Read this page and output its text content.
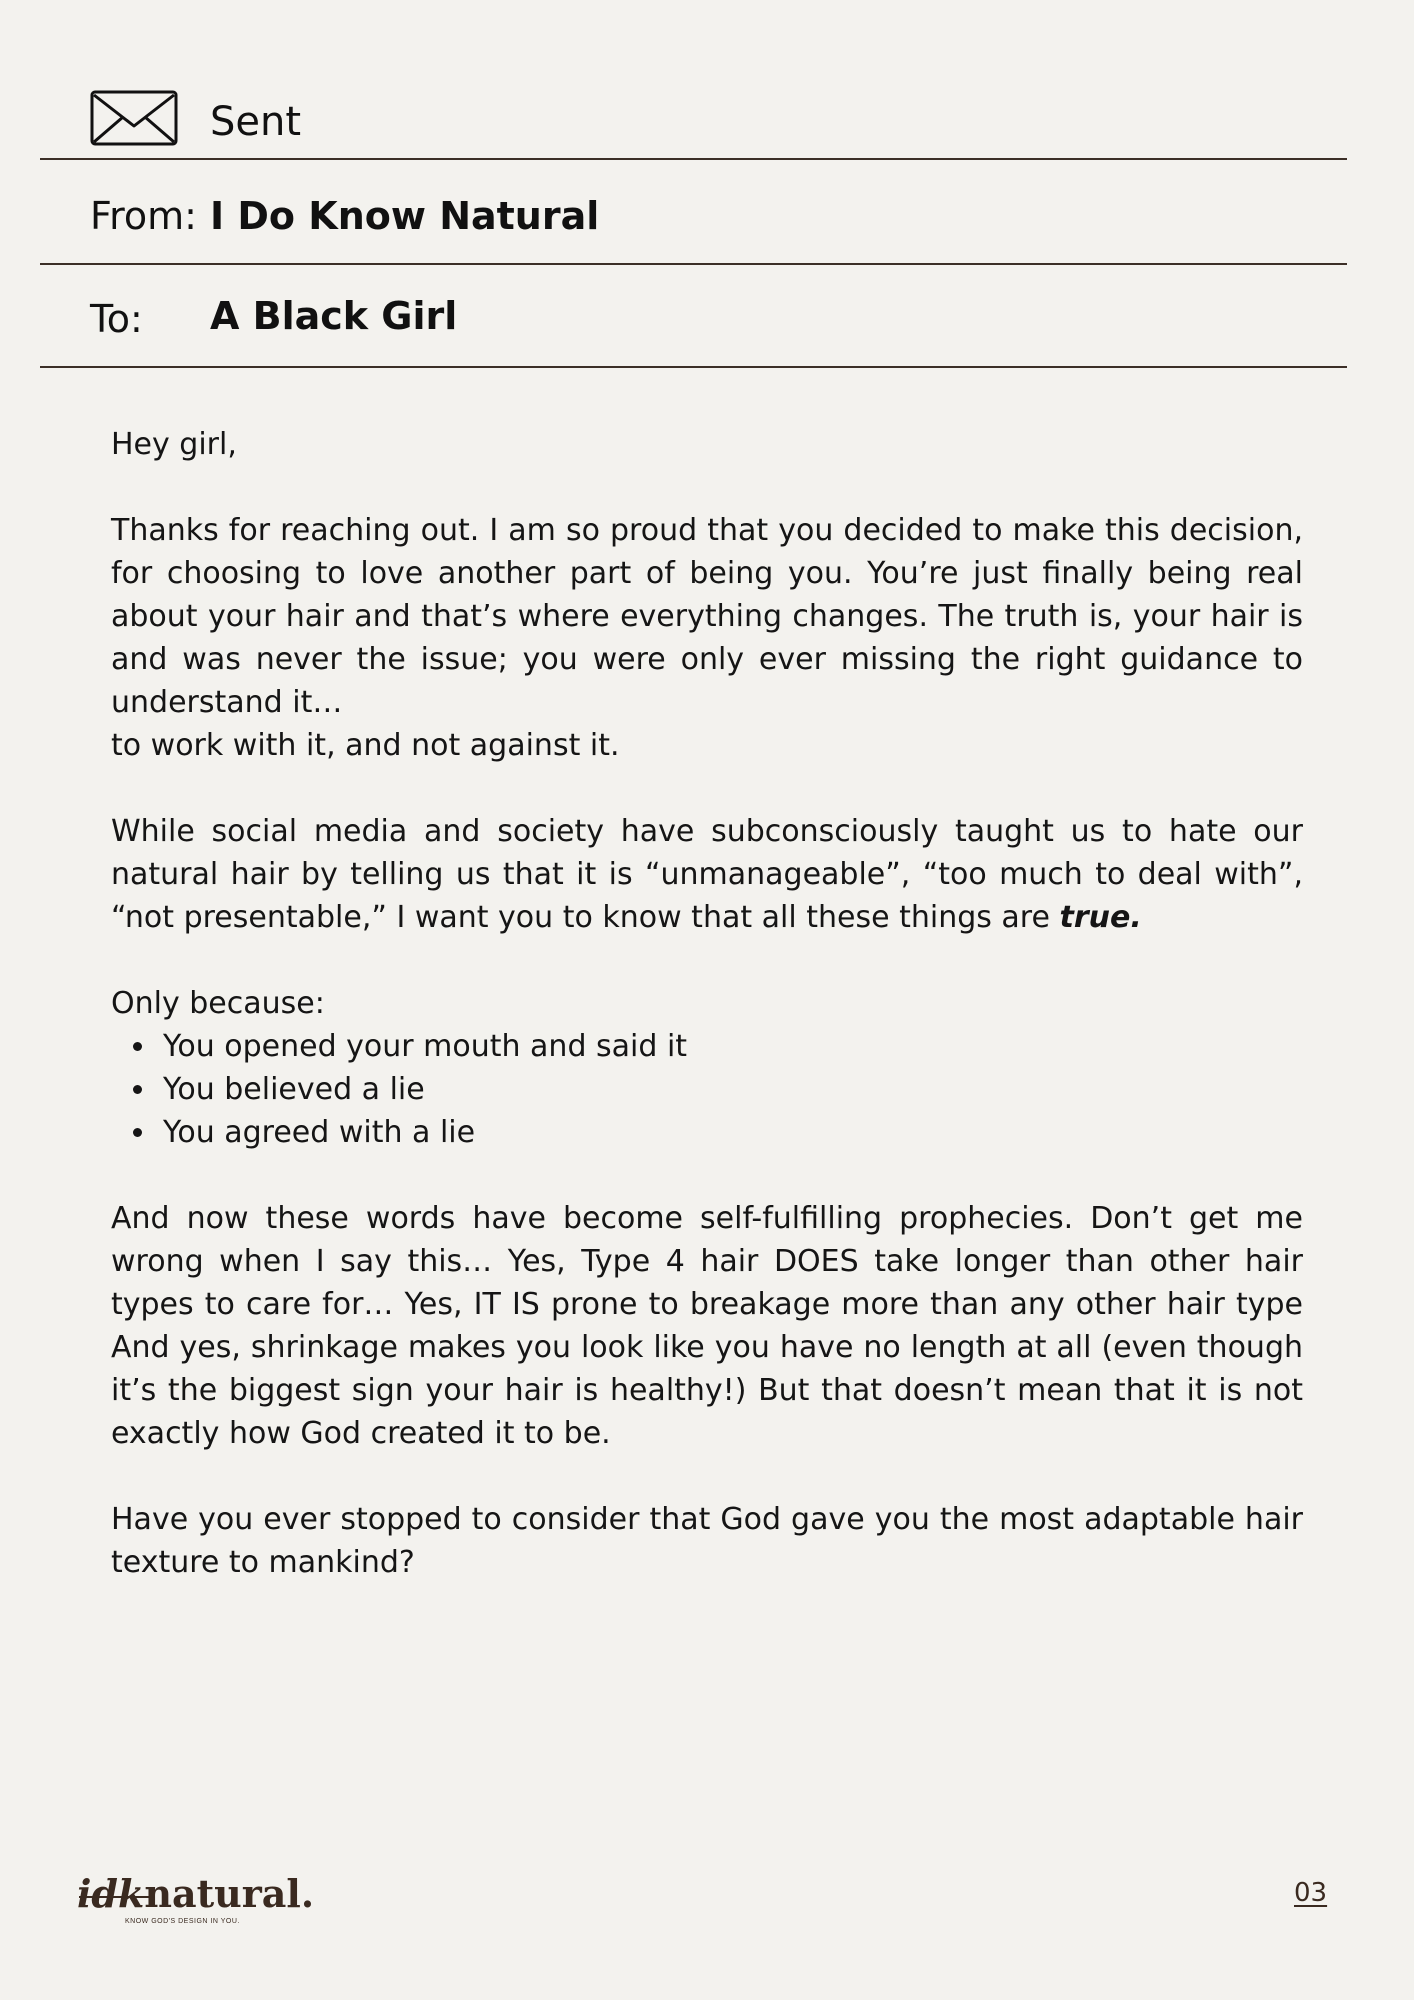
Sent
From: I Do Know Natural
To: A Black Girl

Hey girl,

Thanks for reaching out. I am so proud that you decided to make this decision, for choosing to love another part of being you. You’re just finally being real about your hair and that’s where everything changes. The truth is, your hair is and was never the issue; you were only ever missing the right guidance to understand it…

to work with it, and not against it.

While social media and society have subconsciously taught us to hate our natural hair by telling us that it is “unmanageable”, “too much to deal with”, “not presentable,” I want you to know that all these things are true.

Only because:

You opened your mouth and said it
You believed a lie
You agreed with a lie

And now these words have become self-fulfilling prophecies. Don’t get me wrong when I say this… Yes, Type 4 hair DOES take longer than other hair types to care for… Yes, IT IS prone to breakage more than any other hair type And yes, shrinkage makes you look like you have no length at all (even though it’s the biggest sign your hair is healthy!) But that doesn’t mean that it is not exactly how God created it to be.

Have you ever stopped to consider that God gave you the most adaptable hair texture to mankind?

idknatural.
KNOW GOD'S DESIGN IN YOU.
03
